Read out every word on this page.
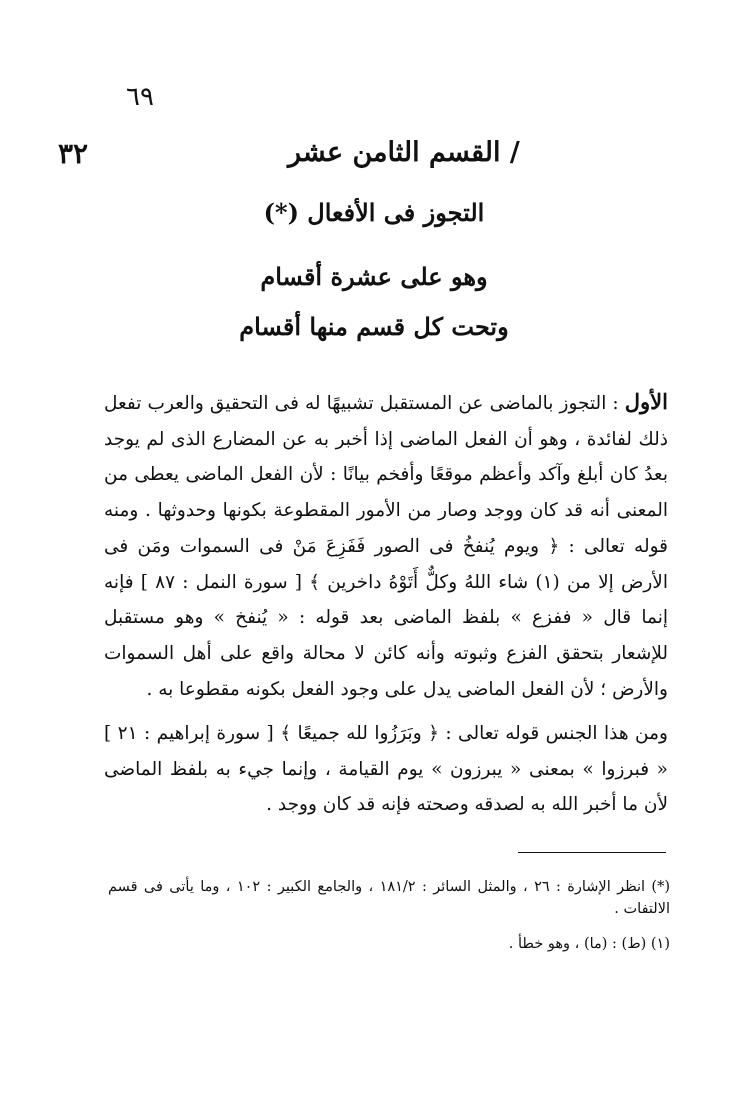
٦٩
٣٢	/ القسم الثامن عشر
التجوز فى الأفعال (*)
وهو على عشرة أقسام
وتحت كل قسم منها أقسام
الأول : التجوز بالماضى عن المستقبل تشبيهًا له فى التحقيق والعرب تفعل ذلك لفائدة ، وهو أن الفعل الماضى إذا أخبر به عن المضارع الذى لم يوجد بعدُ كان أبلغ وآكد وأعظم موقعًا وأفخم بيانًا : لأن الفعل الماضى يعطى من المعنى أنه قد كان ووجد وصار من الأمور المقطوعة بكونها وحدوثها . ومنه قوله تعالى : ﴿ ويوم يُنفخُ فى الصور فَفَزِعَ مَنْ فى السموات ومَن فى الأرض إلا من (١) شاء اللهُ وكلٌّ أَتَوْهُ داخرين ﴾ [ سورة النمل : ٨٧ ] فإنه إنما قال « ففزع » بلفظ الماضى بعد قوله : « يُنفخ » وهو مستقبل للإشعار بتحقق الفزع وثبوته وأنه كائن لا محالة واقع على أهل السموات والأرض ؛ لأن الفعل الماضى يدل على وجود الفعل بكونه مقطوعا به .
ومن هذا الجنس قوله تعالى : ﴿ وبَرَزُوا لله جميعًا ﴾ [ سورة إبراهيم : ٢١ ] « فبرزوا » بمعنى « يبرزون » يوم القيامة ، وإنما جيء به بلفظ الماضى لأن ما أخبر الله به لصدقه وصحته فإنه قد كان ووجد .
(*) انظر الإشارة : ٢٦ ، والمثل السائر : ١٨١/٢ ، والجامع الكبير : ١٠٢ ، وما يأتى فى قسم الالتفات .
(١) (ط) : (ما) ، وهو خطأ .
